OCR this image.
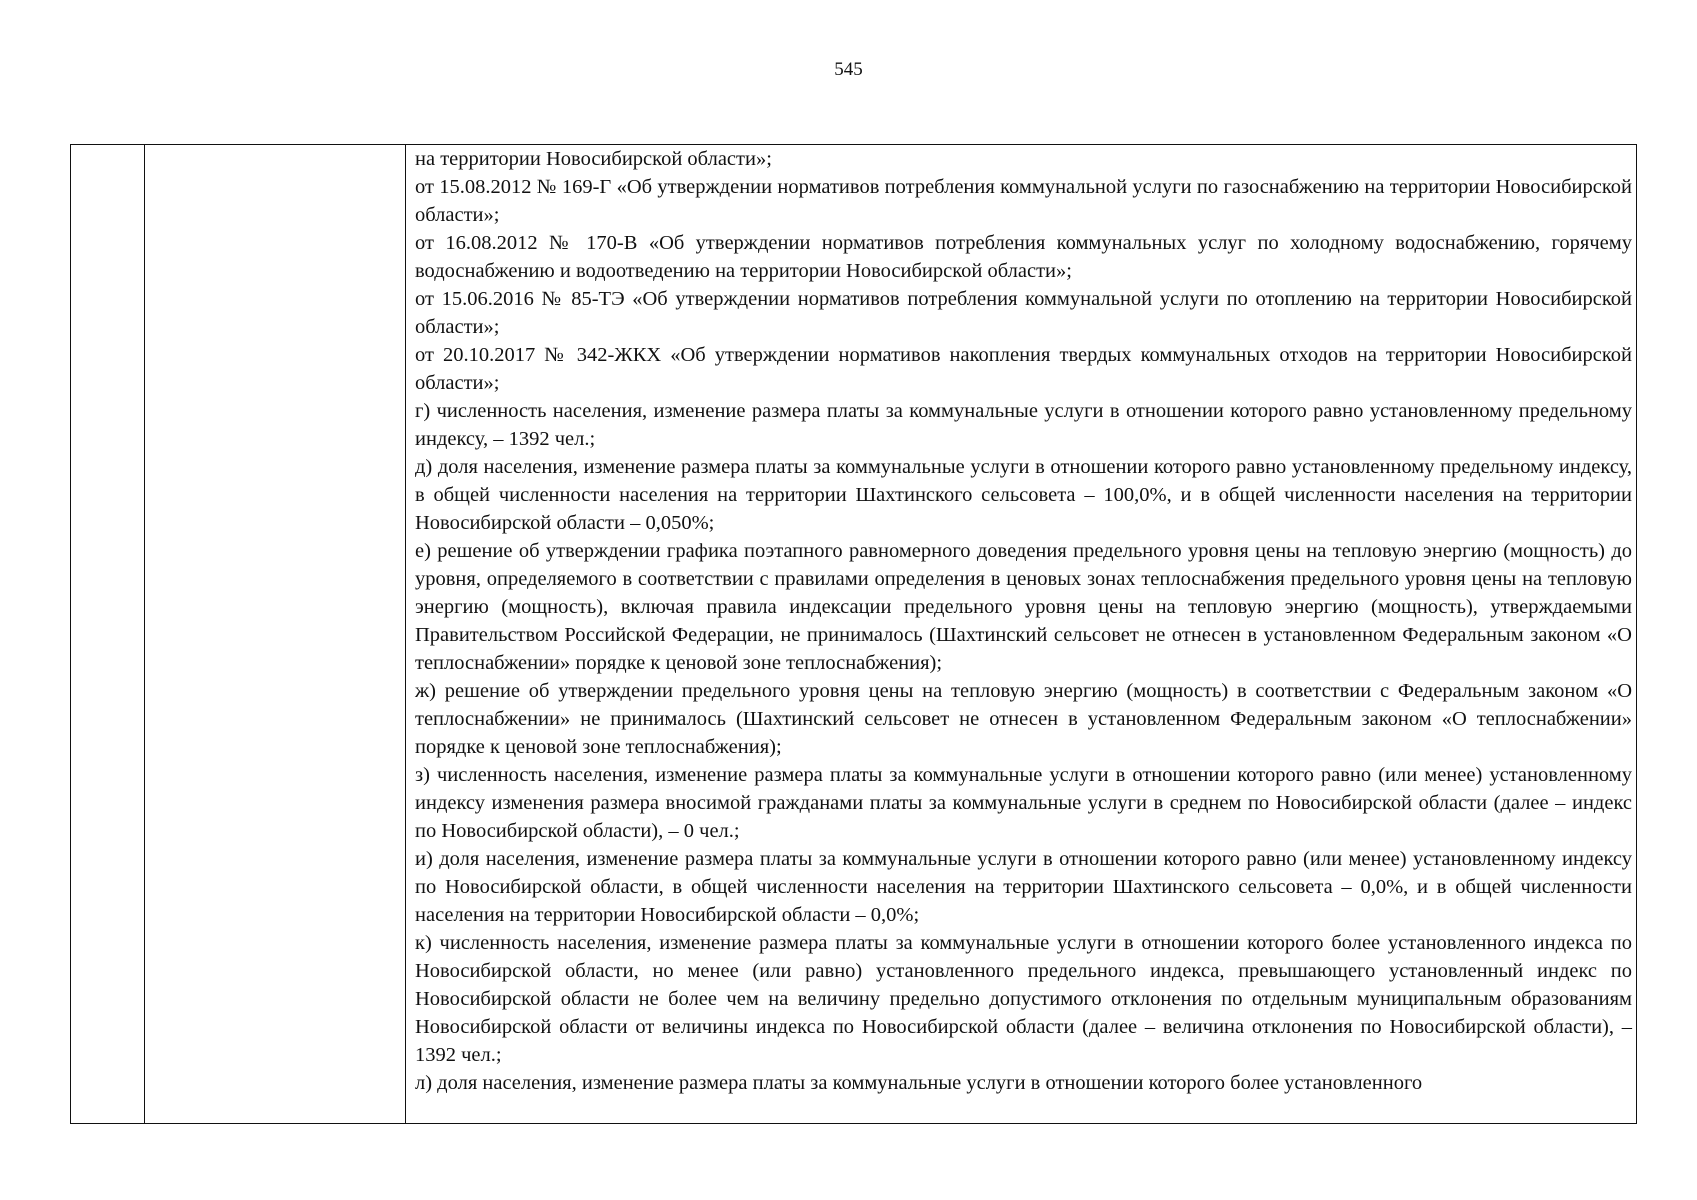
545

на территории Новосибирской области»;

от 15.08.2012 № 169-Г «Об утверждении нормативов потребления коммунальной услуги по газоснабжению на территории Новосибирской области»;

от 16.08.2012 № 170-В «Об утверждении нормативов потребления коммунальных услуг по холодному водоснабжению, горячему водоснабжению и водоотведению на территории Новосибирской области»;

от 15.06.2016 № 85-ТЭ «Об утверждении нормативов потребления коммунальной услуги по отоплению на территории Новосибирской области»;

от 20.10.2017 № 342-ЖКХ «Об утверждении нормативов накопления твердых коммунальных отходов на территории Новосибирской области»;

г) численность населения, изменение размера платы за коммунальные услуги в отношении которого равно установленному предельному индексу, – 1392 чел.;

д) доля населения, изменение размера платы за коммунальные услуги в отношении которого равно установленному предельному индексу, в общей численности населения на территории Шахтинского сельсовета – 100,0%, и в общей численности населения на территории Новосибирской области – 0,050%;

е) решение об утверждении графика поэтапного равномерного доведения предельного уровня цены на тепловую энергию (мощность) до уровня, определяемого в соответствии с правилами определения в ценовых зонах теплоснабжения предельного уровня цены на тепловую энергию (мощность), включая правила индексации предельного уровня цены на тепловую энергию (мощность), утверждаемыми Правительством Российской Федерации, не принималось (Шахтинский сельсовет не отнесен в установленном Федеральным законом «О теплоснабжении» порядке к ценовой зоне теплоснабжения);

ж) решение об утверждении предельного уровня цены на тепловую энергию (мощность) в соответствии с Федеральным законом «О теплоснабжении» не принималось (Шахтинский сельсовет не отнесен в установленном Федеральным законом «О теплоснабжении» порядке к ценовой зоне теплоснабжения);

з) численность населения, изменение размера платы за коммунальные услуги в отношении которого равно (или менее) установленному индексу изменения размера вносимой гражданами платы за коммунальные услуги в среднем по Новосибирской области (далее – индекс по Новосибирской области), – 0 чел.;

и) доля населения, изменение размера платы за коммунальные услуги в отношении которого равно (или менее) установленному индексу по Новосибирской области, в общей численности населения на территории Шахтинского сельсовета – 0,0%, и в общей численности населения на территории Новосибирской области – 0,0%;

к) численность населения, изменение размера платы за коммунальные услуги в отношении которого более установленного индекса по Новосибирской области, но менее (или равно) установленного предельного индекса, превышающего установленный индекс по Новосибирской области не более чем на величину предельно допустимого отклонения по отдельным муниципальным образованиям Новосибирской области от величины индекса по Новосибирской области (далее – величина отклонения по Новосибирской области), – 1392 чел.;

л) доля населения, изменение размера платы за коммунальные услуги в отношении которого более установленного
